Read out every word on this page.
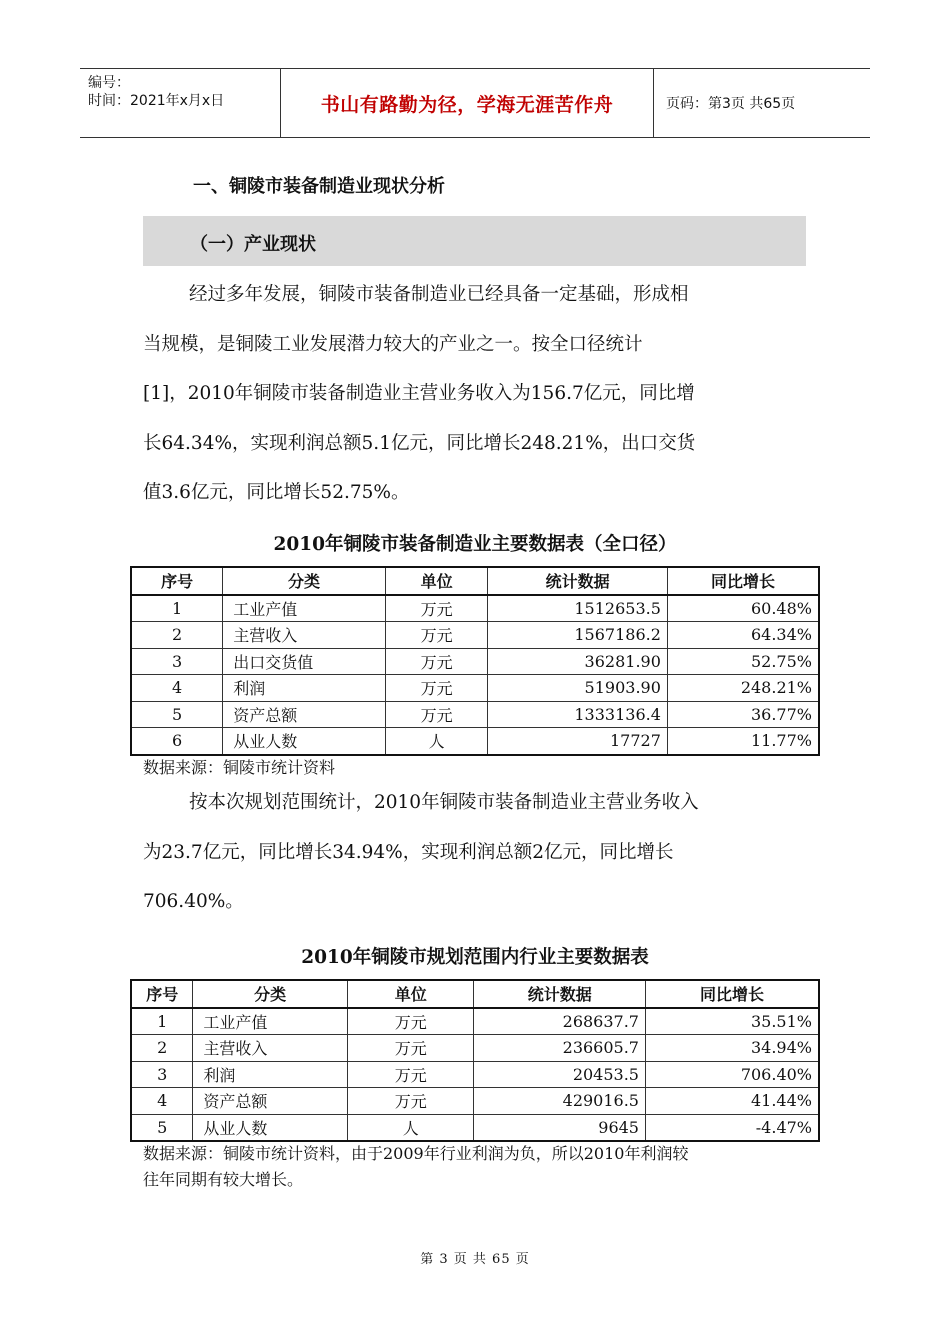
编号：
时间：2021年x月x日	书山有路勤为径，学海无涯苦作舟	页码：第3页 共65页
一、铜陵市装备制造业现状分析
（一）产业现状
经过多年发展，铜陵市装备制造业已经具备一定基础，形成相
当规模，是铜陵工业发展潜力较大的产业之一。按全口径统计
[1]，2010年铜陵市装备制造业主营业务收入为156.7亿元，同比增
长64.34%，实现利润总额5.1亿元，同比增长248.21%，出口交货
值3.6亿元，同比增长52.75%。
2010年铜陵市装备制造业主要数据表（全口径）
序号	分类	单位	统计数据	同比增长
1	工业产值	万元	1512653.5	60.48%
2	主营收入	万元	1567186.2	64.34%
3	出口交货值	万元	36281.90	52.75%
4	利润	万元	51903.90	248.21%
5	资产总额	万元	1333136.4	36.77%
6	从业人数	人	17727	11.77%
数据来源：铜陵市统计资料
按本次规划范围统计，2010年铜陵市装备制造业主营业务收入
为23.7亿元，同比增长34.94%，实现利润总额2亿元，同比增长
706.40%。
2010年铜陵市规划范围内行业主要数据表
序号	分类	单位	统计数据	同比增长
1	工业产值	万元	268637.7	35.51%
2	主营收入	万元	236605.7	34.94%
3	利润	万元	20453.5	706.40%
4	资产总额	万元	429016.5	41.44%
5	从业人数	人	9645	-4.47%
数据来源：铜陵市统计资料，由于2009年行业利润为负，所以2010年利润较
往年同期有较大增长。
第 3 页 共 65 页
